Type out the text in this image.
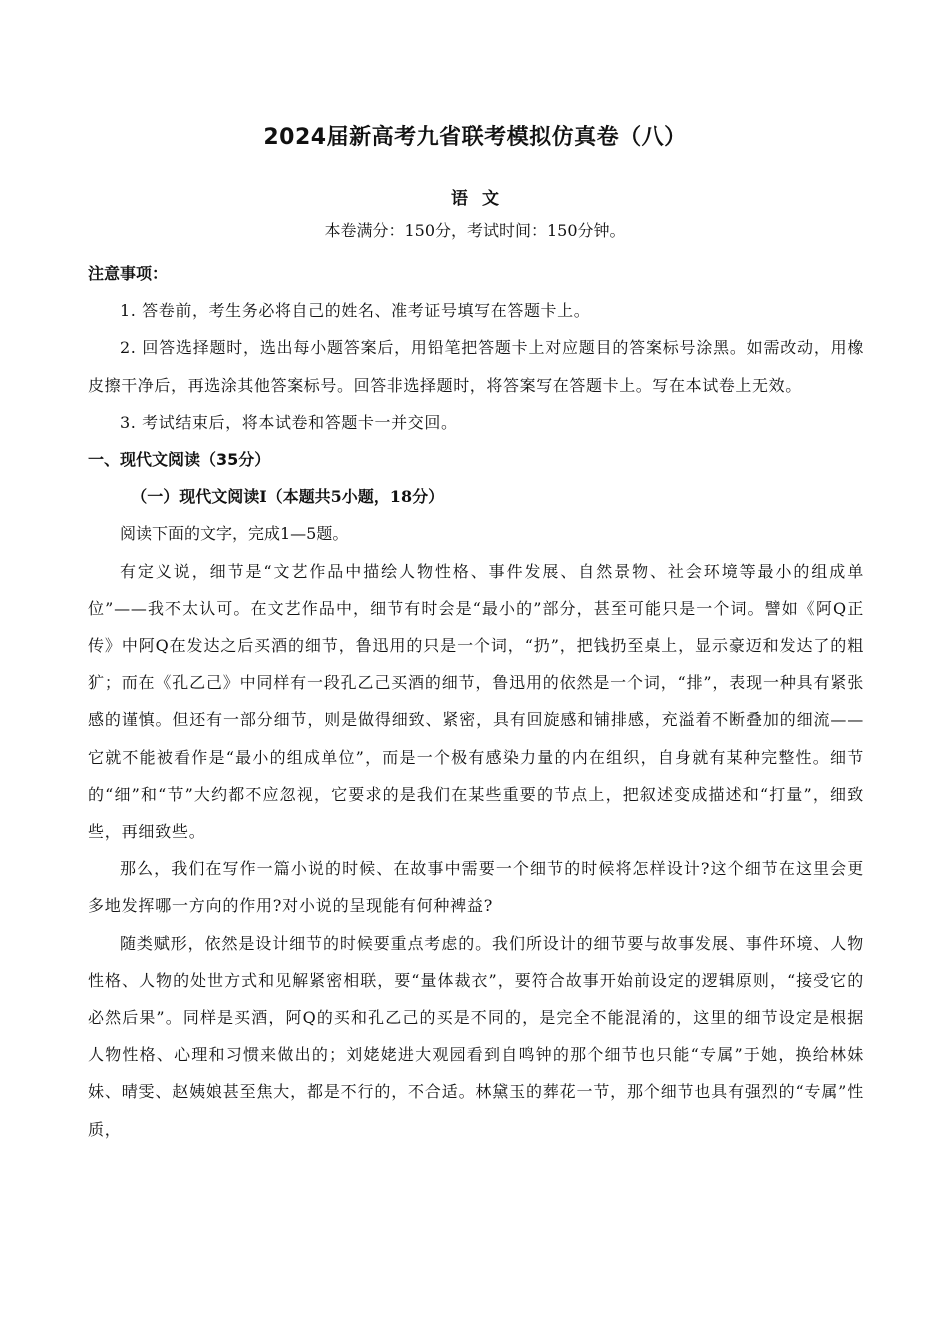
2024届新高考九省联考模拟仿真卷（八）
语文
本卷满分：150分，考试时间：150分钟。

注意事项：

1. 答卷前，考生务必将自己的姓名、准考证号填写在答题卡上。

2. 回答选择题时，选出每小题答案后，用铅笔把答题卡上对应题目的答案标号涂黑。如需改动，用橡皮擦干净后，再选涂其他答案标号。回答非选择题时，将答案写在答题卡上。写在本试卷上无效。

3. 考试结束后，将本试卷和答题卡一并交回。

一、现代文阅读（35分）

（一）现代文阅读Ⅰ（本题共5小题，18分）

阅读下面的文字，完成1—5题。

有定义说，细节是“文艺作品中描绘人物性格、事件发展、自然景物、社会环境等最小的组成单位”——我不太认可。在文艺作品中，细节有时会是“最小的”部分，甚至可能只是一个词。譬如《阿Q正传》中阿Q在发达之后买酒的细节，鲁迅用的只是一个词，“扔”，把钱扔至桌上，显示豪迈和发达了的粗犷；而在《孔乙己》中同样有一段孔乙己买酒的细节，鲁迅用的依然是一个词，“排”，表现一种具有紧张感的谨慎。但还有一部分细节，则是做得细致、紧密，具有回旋感和铺排感，充溢着不断叠加的细流——它就不能被看作是“最小的组成单位”，而是一个极有感染力量的内在组织，自身就有某种完整性。细节的“细”和“节”大约都不应忽视，它要求的是我们在某些重要的节点上，把叙述变成描述和“打量”，细致些，再细致些。

那么，我们在写作一篇小说的时候、在故事中需要一个细节的时候将怎样设计?这个细节在这里会更多地发挥哪一方向的作用?对小说的呈现能有何种裨益?

随类赋形，依然是设计细节的时候要重点考虑的。我们所设计的细节要与故事发展、事件环境、人物性格、人物的处世方式和见解紧密相联，要“量体裁衣”，要符合故事开始前设定的逻辑原则，“接受它的必然后果”。同样是买酒，阿Q的买和孔乙己的买是不同的，是完全不能混淆的，这里的细节设定是根据人物性格、心理和习惯来做出的；刘姥姥进大观园看到自鸣钟的那个细节也只能“专属”于她，换给林妹妹、晴雯、赵姨娘甚至焦大，都是不行的，不合适。林黛玉的葬花一节，那个细节也具有强烈的“专属”性质，
